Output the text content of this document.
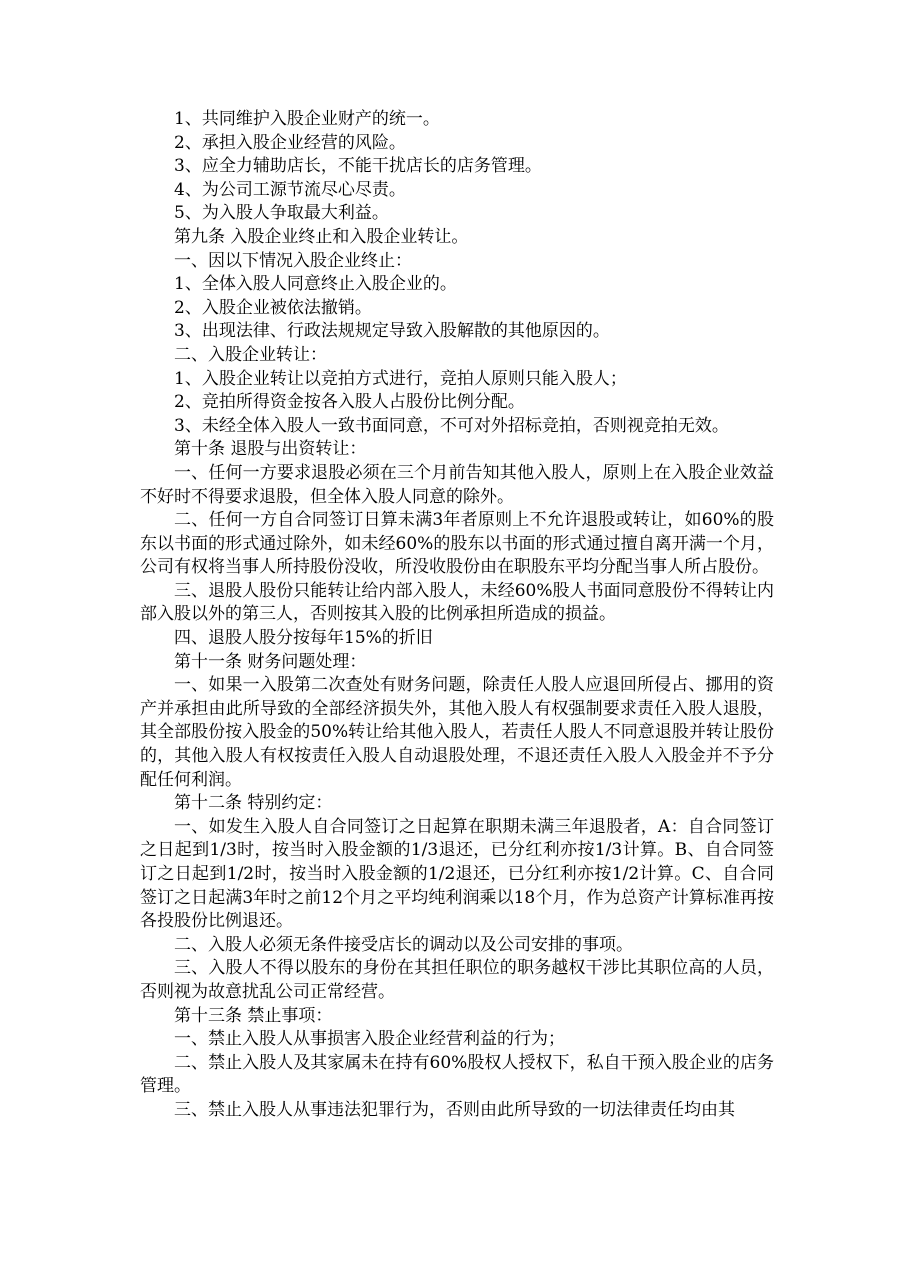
1、共同维护入股企业财产的统一。

2、承担入股企业经营的风险。

3、应全力辅助店长，不能干扰店长的店务管理。

4、为公司工源节流尽心尽责。

5、为入股人争取最大利益。

第九条 入股企业终止和入股企业转让。

一、因以下情况入股企业终止：

1、全体入股人同意终止入股企业的。

2、入股企业被依法撤销。

3、出现法律、行政法规规定导致入股解散的其他原因的。

二、入股企业转让：

1、入股企业转让以竞拍方式进行，竞拍人原则只能入股人；

2、竞拍所得资金按各入股人占股份比例分配。

3、未经全体入股人一致书面同意，不可对外招标竞拍，否则视竞拍无效。

第十条 退股与出资转让：

一、任何一方要求退股必须在三个月前告知其他入股人，原则上在入股企业效益不好时不得要求退股，但全体入股人同意的除外。

二、任何一方自合同签订日算未满3年者原则上不允许退股或转让，如60%的股东以书面的形式通过除外，如未经60%的股东以书面的形式通过擅自离开满一个月，公司有权将当事人所持股份没收，所没收股份由在职股东平均分配当事人所占股份。

三、退股人股份只能转让给内部入股人，未经60%股人书面同意股份不得转让内部入股以外的第三人，否则按其入股的比例承担所造成的损益。

四、退股人股分按每年15%的折旧

第十一条 财务问题处理：

一、如果一入股第二次查处有财务问题，除责任人股人应退回所侵占、挪用的资产并承担由此所导致的全部经济损失外，其他入股人有权强制要求责任入股人退股，其全部股份按入股金的50%转让给其他入股人，若责任人股人不同意退股并转让股份的，其他入股人有权按责任入股人自动退股处理，不退还责任入股人入股金并不予分配任何利润。

第十二条 特别约定：

一、如发生入股人自合同签订之日起算在职期未满三年退股者，A：自合同签订之日起到1/3时，按当时入股金额的1/3退还，已分红利亦按1/3计算。B、自合同签订之日起到1/2时，按当时入股金额的1/2退还，已分红利亦按1/2计算。C、自合同签订之日起满3年时之前12个月之平均纯利润乘以18个月，作为总资产计算标准再按各投股份比例退还。

二、入股人必须无条件接受店长的调动以及公司安排的事项。

三、入股人不得以股东的身份在其担任职位的职务越权干涉比其职位高的人员，否则视为故意扰乱公司正常经营。

第十三条 禁止事项：

一、禁止入股人从事损害入股企业经营利益的行为；

二、禁止入股人及其家属未在持有60%股权人授权下，私自干预入股企业的店务管理。

三、禁止入股人从事违法犯罪行为，否则由此所导致的一切法律责任均由其
